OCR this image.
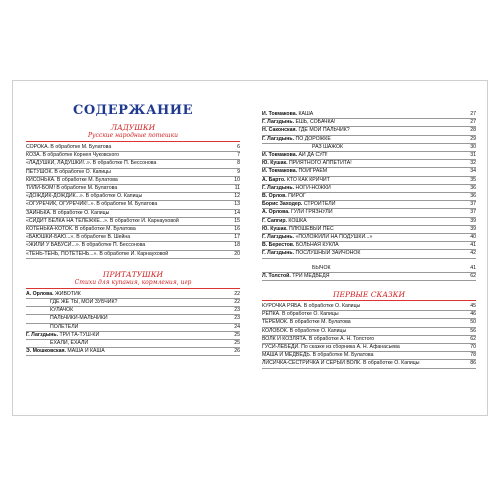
СОДЕРЖАНИЕ
ЛАДУШКИ
Русские народные потешки
СОРОКА. В обработке М. Булатова	6
КОЗА. В обработке Корнея Чуковского	7
«ЛАДУШКИ, ЛАДУШКИ!..». В обработке П. Бессонова	8
ПЕТУШОК. В обработке О. Капицы	9
КИСОНЬКА. В обработке М. Булатова	10
ТИЛИ-БОМ! В обработке М. Булатова	11
«ДОЖДИК-ДОЖДИК...». В обработке О. Капицы	12
«ОГУРЕЧИК, ОГУРЕЧИК!..». В обработке М. Булатова	13
ЗАИНЬКА. В обработке О. Капицы	14
«СИДИТ БЕЛКА НА ТЕЛЕЖКЕ...». В обработке И. Карнауховой	15
КОТЕНЬКА-КОТОК. В обработке М. Булатова	16
«БАЮШКИ-БАЮ...». В обработке В. Шейна	17
«ЖИЛИ У БАБУСИ...». В обработке П. Бессонова	18
«ТЕНЬ-ТЕНЬ, ПОТЕТЕНЬ...». В обработке И. Карнауховой	20
ПРИТАТУШКИ
Стихи для купания, кормления, игр
А. Орлова. ЖИВОТИК	22
ГДЕ ЖЕ ТЫ, МОЙ ЗУБЧИК?	22
КУЛАЧОК	23
ПАЛЬЧИКИ-МАЛЬЧИКИ	23
ПОЛЕТЕЛИ	24
Г. Лагздынь. ТРИ ТА-ТУШ-КИ	25
ЕХАЛИ, ЕХАЛИ	25
Э. Мошковская. МАША И КАША	26
И. Токмакова. КАША	27
Г. Лагздынь. ЕШЬ, СОБАЧКА!	27
Н. Саконская. ГДЕ МОЙ ПАЛЬЧИК?	28
Г. Лагздынь. ПО ДОРОЖКЕ	29
РАЗ ШАЖОК	30
И. Токмакова. АЙ ДА СУП!	31
Ю. Кушак. ПРИЯТНОГО АППЕТИТА!	32
И. Токмакова. ПОИГРАЕМ	34
А. Барто. КТО КАК КРИЧИТ	35
Г. Лагздынь. НОГИ-НОЖКИ	36
В. Орлов. ПИРОГ	36
Борис Заходер. СТРОИТЕЛИ	37
А. Орлова. ГУЛИ ГРЯЗНУЛИ	37
Г. Сапгир. КОШКА	39
Ю. Кушак. ПЛЮШЕВЫЙ ПЁС	39
Г. Лагздынь. «ПОЛОЖИЛИ НА ПОДУШКИ...»	40
В. Берестов. БОЛЬНАЯ КУКЛА	41
Г. Лагздынь. ПОСЛУШНЫЙ ЗАЙЧОНОК	42
БЫЧОК	41
Л. Толстой. ТРИ МЕДВЕДЯ	62
ПЕРВЫЕ СКАЗКИ
КУРОЧКА РЯБА. В обработке О. Капицы	45
РЕПКА. В обработке О. Капицы	46
ТЕРЕМОК. В обработке М. Булатова	50
КОЛОБОК. В обработке О. Капицы	56
ВОЛК И КОЗЛЯТА. В обработке А. Н. Толстого	62
ГУСИ-ЛЕБЕДИ. По сказке из сборника А. Н. Афанасьева	70
МАША И МЕДВЕДЬ. В обработке М. Булатова	78
ЛИСИЧКА-СЕСТРИЧКА И СЕРЫЙ ВОЛК. В обработке О. Капицы	86
